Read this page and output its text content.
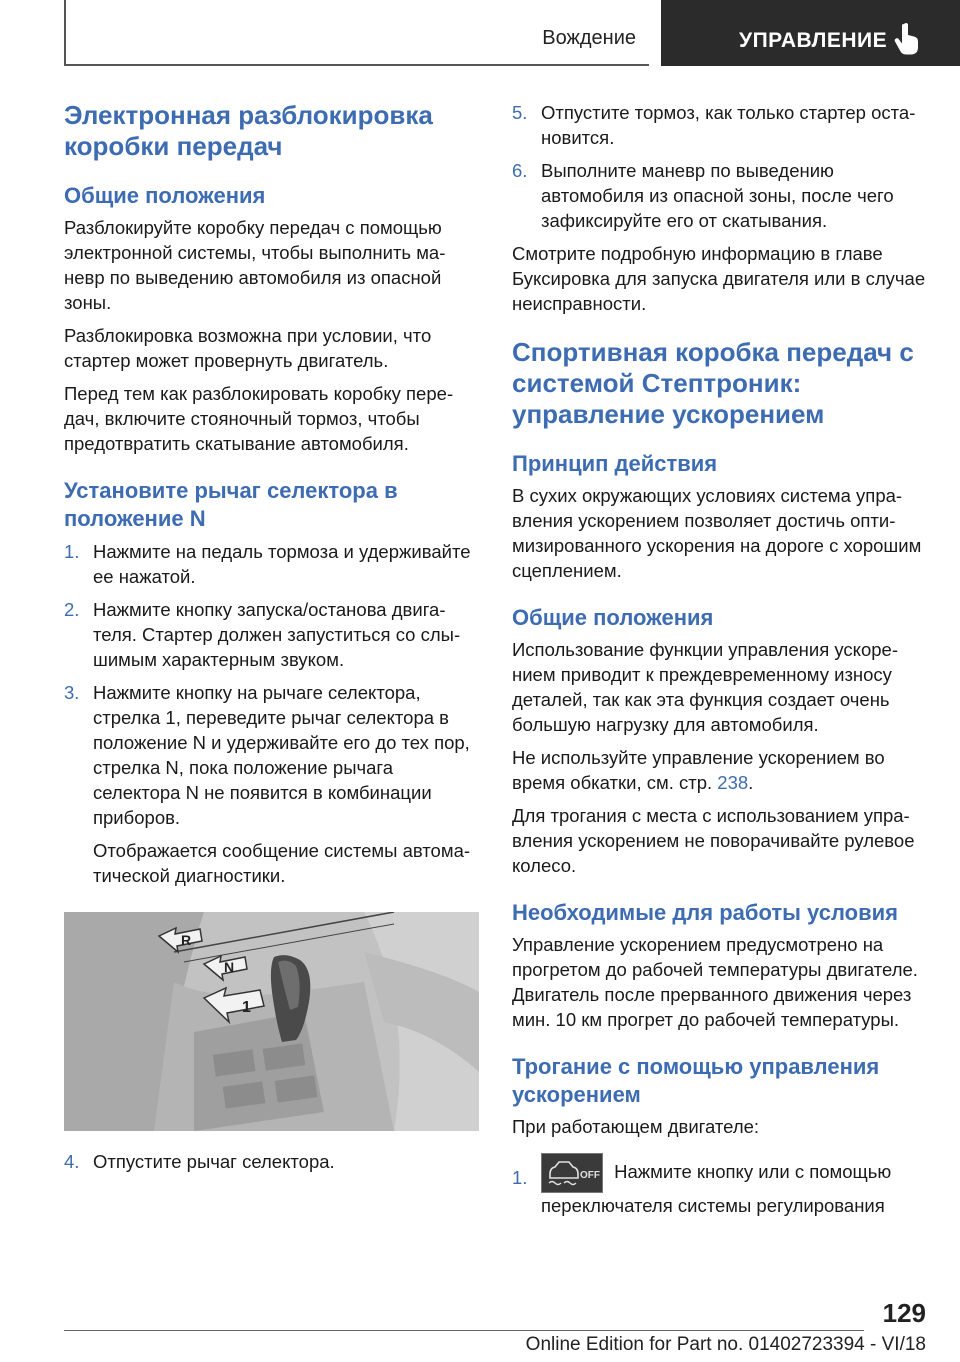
Вождение	УПРАВЛЕНИЕ
Электронная разблокировка коробки передач
Общие положения

Разблокируйте коробку передач с помощью электронной системы, чтобы выполнить маневр по выведению автомобиля из опасной зоны.

Разблокировка возможна при условии, что стартер может провернуть двигатель.

Перед тем как разблокировать коробку передач, включите стояночный тормоз, чтобы предотвратить скатывание автомобиля.

Установите рычаг селектора в положение N
1. Нажмите на педаль тормоза и удерживайте ее нажатой.
2. Нажмите кнопку запуска/останова двигателя. Стартер должен запуститься со слышимым характерным звуком.
3. Нажмите кнопку на рычаге селектора, стрелка 1, переведите рычаг селектора в положение N и удерживайте его до тех пор, стрелка N, пока положение рычага селектора N не появится в комбинации приборов.

Отображается сообщение системы автоматической диагностики.

R
N
1
4. Отпустите рычаг селектора.
5. Отпустите тормоз, как только стартер остановится.
6. Выполните маневр по выведению автомобиля из опасной зоны, после чего зафиксируйте его от скатывания.

Смотрите подробную информацию в главе Буксировка для запуска двигателя или в случае неисправности.

Спортивная коробка передач с системой Стептроник: управление ускорением
Принцип действия

В сухих окружающих условиях система управления ускорением позволяет достичь оптимизированного ускорения на дороге с хорошим сцеплением.

Общие положения

Использование функции управления ускорением приводит к преждевременному износу деталей, так как эта функция создает очень большую нагрузку для автомобиля.

Не используйте управление ускорением во время обкатки, см. стр. 238.

Для трогания с места с использованием управления ускорением не поворачивайте рулевое колесо.

Необходимые для работы условия

Управление ускорением предусмотрено на прогретом до рабочей температуры двигателе. Двигатель после прерванного движения через мин. 10 км прогрет до рабочей температуры.

Трогание с помощью управления ускорением

При работающем двигателе:

1.	OFF Нажмите кнопку или с помощью переключателя системы регулирования
129
Online Edition for Part no. 01402723394 - VI/18
